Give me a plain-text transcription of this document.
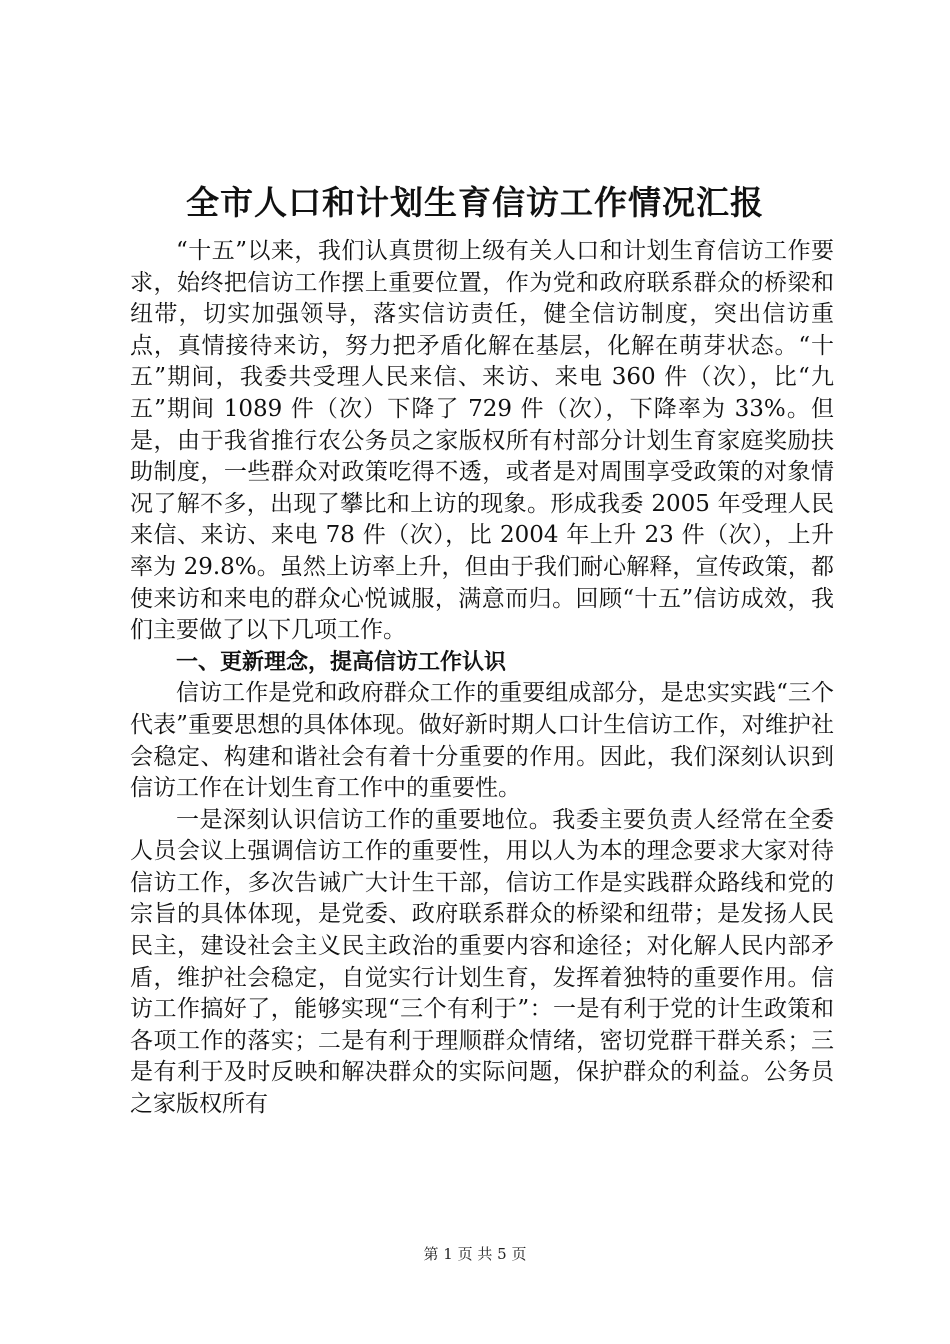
全市人口和计划生育信访工作情况汇报

“十五”以来，我们认真贯彻上级有关人口和计划生育信访工作要求，始终把信访工作摆上重要位置，作为党和政府联系群众的桥梁和纽带，切实加强领导，落实信访责任，健全信访制度，突出信访重点，真情接待来访，努力把矛盾化解在基层，化解在萌芽状态。“十五”期间，我委共受理人民来信、来访、来电 360 件（次），比“九五”期间 1089 件（次）下降了 729 件（次），下降率为 33%。但是，由于我省推行农公务员之家版权所有村部分计划生育家庭奖励扶助制度，一些群众对政策吃得不透，或者是对周围享受政策的对象情况了解不多，出现了攀比和上访的现象。形成我委 2005 年受理人民来信、来访、来电 78 件（次），比 2004 年上升 23 件（次），上升率为 29.8%。虽然上访率上升，但由于我们耐心解释，宣传政策，都使来访和来电的群众心悦诚服，满意而归。回顾“十五”信访成效，我们主要做了以下几项工作。

一、更新理念，提高信访工作认识

信访工作是党和政府群众工作的重要组成部分，是忠实实践“三个代表”重要思想的具体体现。做好新时期人口计生信访工作，对维护社会稳定、构建和谐社会有着十分重要的作用。因此，我们深刻认识到信访工作在计划生育工作中的重要性。

一是深刻认识信访工作的重要地位。我委主要负责人经常在全委人员会议上强调信访工作的重要性，用以人为本的理念要求大家对待信访工作，多次告诫广大计生干部，信访工作是实践群众路线和党的宗旨的具体体现，是党委、政府联系群众的桥梁和纽带；是发扬人民民主，建设社会主义民主政治的重要内容和途径；对化解人民内部矛盾，维护社会稳定，自觉实行计划生育，发挥着独特的重要作用。信访工作搞好了，能够实现“三个有利于”：一是有利于党的计生政策和各项工作的落实；二是有利于理顺群众情绪，密切党群干群关系；三是有利于及时反映和解决群众的实际问题，保护群众的利益。公务员之家版权所有

第 1 页 共 5 页
